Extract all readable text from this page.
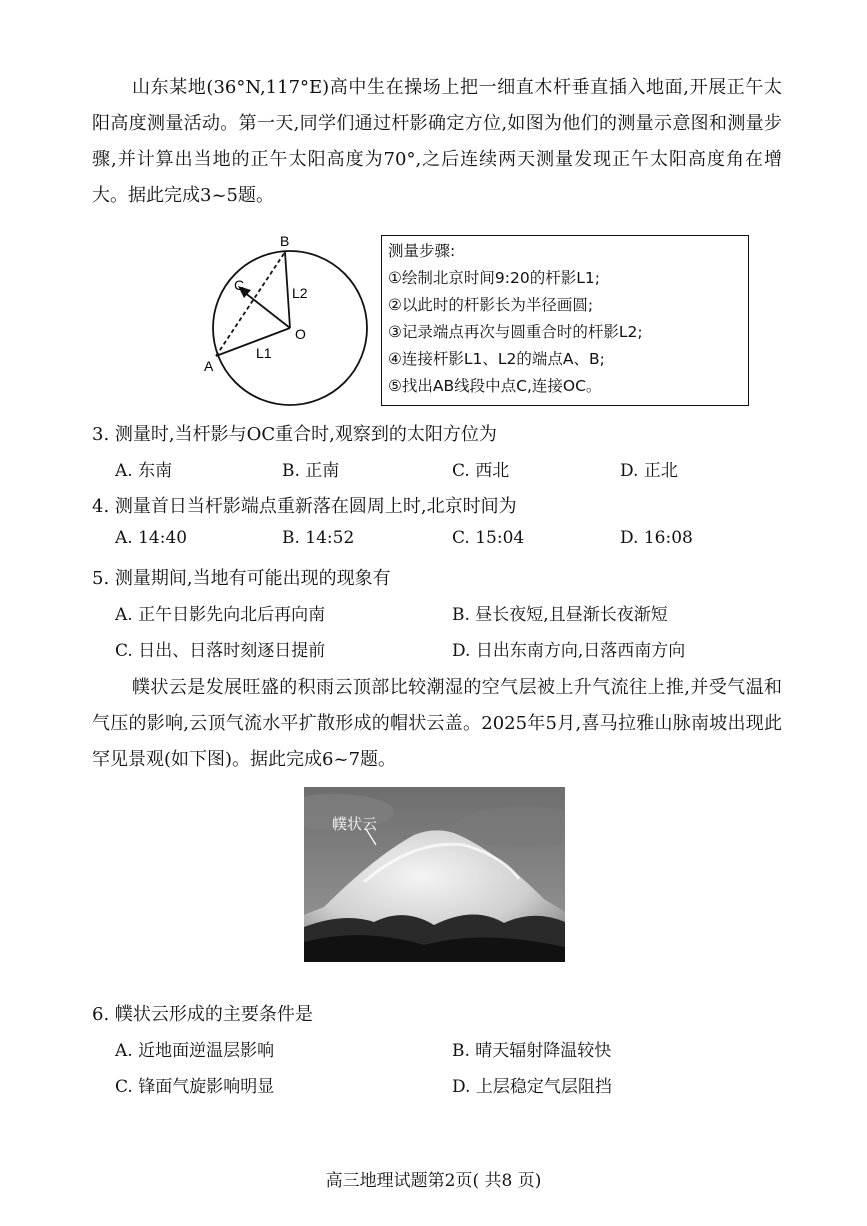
山东某地(36°N,117°E)高中生在操场上把一细直木杆垂直插入地面,开展正午太阳高度测量活动。第一天,同学们通过杆影确定方位,如图为他们的测量示意图和测量步骤,并计算出当地的正午太阳高度为70°,之后连续两天测量发现正午太阳高度角在增大。据此完成3~5题。

B
C	L2
O
L1
A
测量步骤:
①绘制北京时间9:20的杆影L1;
②以此时的杆影长为半径画圆;
③记录端点再次与圆重合时的杆影L2;
④连接杆影L1、L2的端点A、B;
⑤找出AB线段中点C,连接OC。
3. 测量时,当杆影与OC重合时,观察到的太阳方位为
A. 东南	B. 正南	C. 西北	D. 正北
4. 测量首日当杆影端点重新落在圆周上时,北京时间为
A. 14:40	B. 14:52	C. 15:04	D. 16:08
5. 测量期间,当地有可能出现的现象有
A. 正午日影先向北后再向南	B. 昼长夜短,且昼渐长夜渐短
C. 日出、日落时刻逐日提前	D. 日出东南方向,日落西南方向

幞状云是发展旺盛的积雨云顶部比较潮湿的空气层被上升气流往上推,并受气温和气压的影响,云顶气流水平扩散形成的帽状云盖。2025年5月,喜马拉雅山脉南坡出现此罕见景观(如下图)。据此完成6~7题。

幞状云
6. 幞状云形成的主要条件是
A. 近地面逆温层影响	B. 晴天辐射降温较快
C. 锋面气旋影响明显	D. 上层稳定气层阻挡
高三地理试题第2页( 共8 页)
